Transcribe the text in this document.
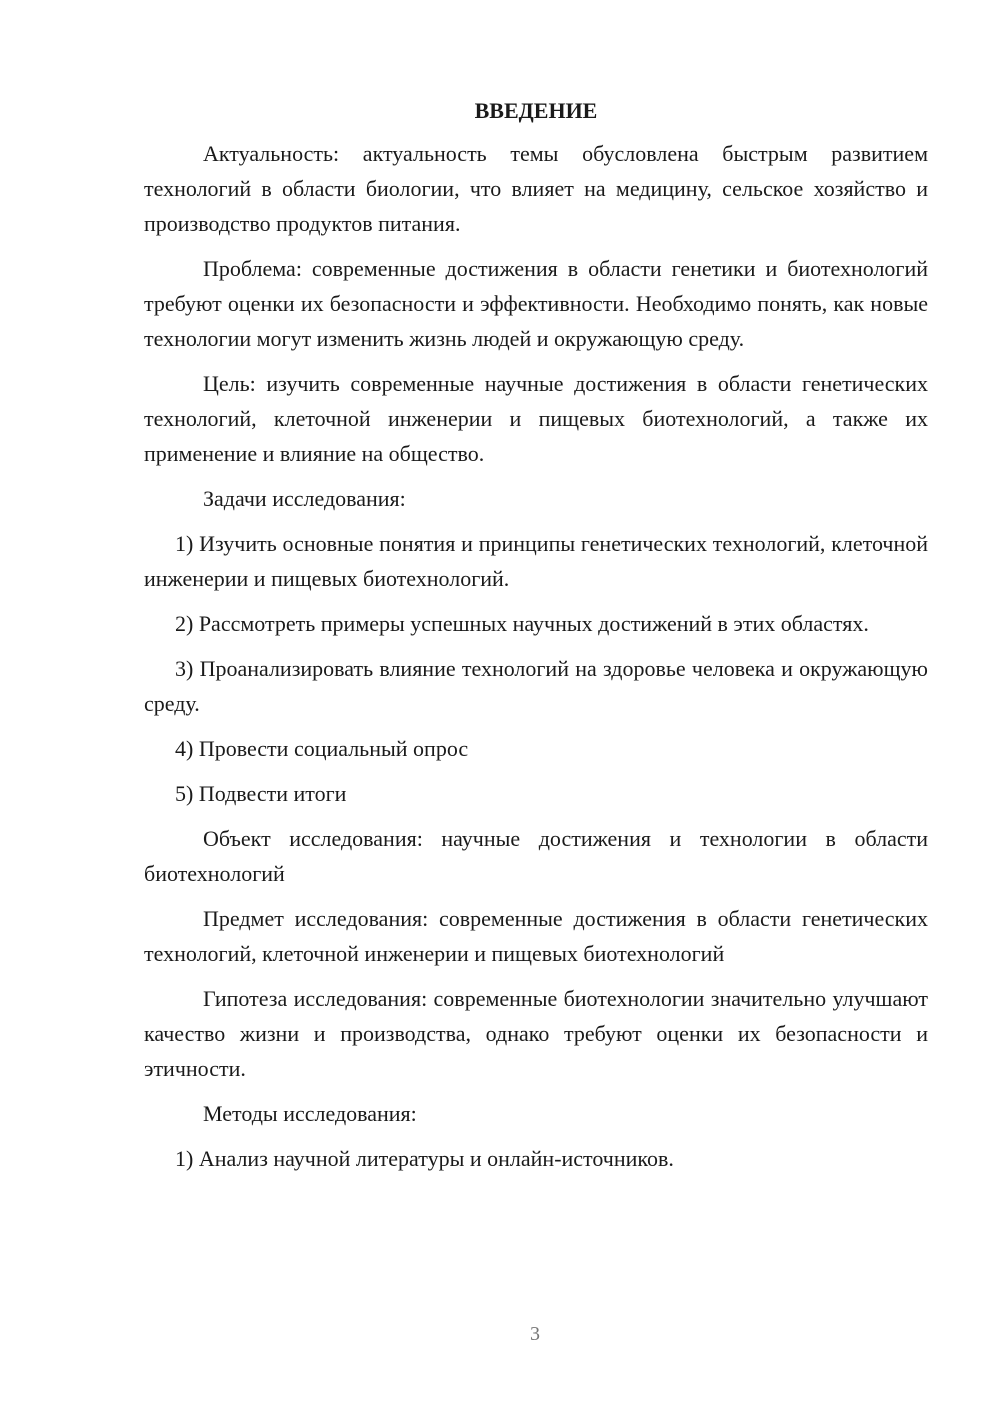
ВВЕДЕНИЕ

Актуальность: актуальность темы обусловлена быстрым развитием технологий в области биологии, что влияет на медицину, сельское хозяйство и производство продуктов питания.

Проблема: современные достижения в области генетики и биотехнологий требуют оценки их безопасности и эффективности. Необходимо понять, как новые технологии могут изменить жизнь людей и окружающую среду.

Цель: изучить современные научные достижения в области генетических технологий, клеточной инженерии и пищевых биотехнологий, а также их применение и влияние на общество.

Задачи исследования:

1) Изучить основные понятия и принципы генетических технологий, клеточной инженерии и пищевых биотехнологий.

2) Рассмотреть примеры успешных научных достижений в этих областях.

3) Проанализировать влияние технологий на здоровье человека и окружающую среду.

4) Провести социальный опрос

5) Подвести итоги

Объект исследования: научные достижения и технологии в области биотехнологий

Предмет исследования: современные достижения в области генетических технологий, клеточной инженерии и пищевых биотехнологий

Гипотеза исследования: современные биотехнологии значительно улучшают качество жизни и производства, однако требуют оценки их безопасности и этичности.

Методы исследования:

1) Анализ научной литературы и онлайн-источников.

3
